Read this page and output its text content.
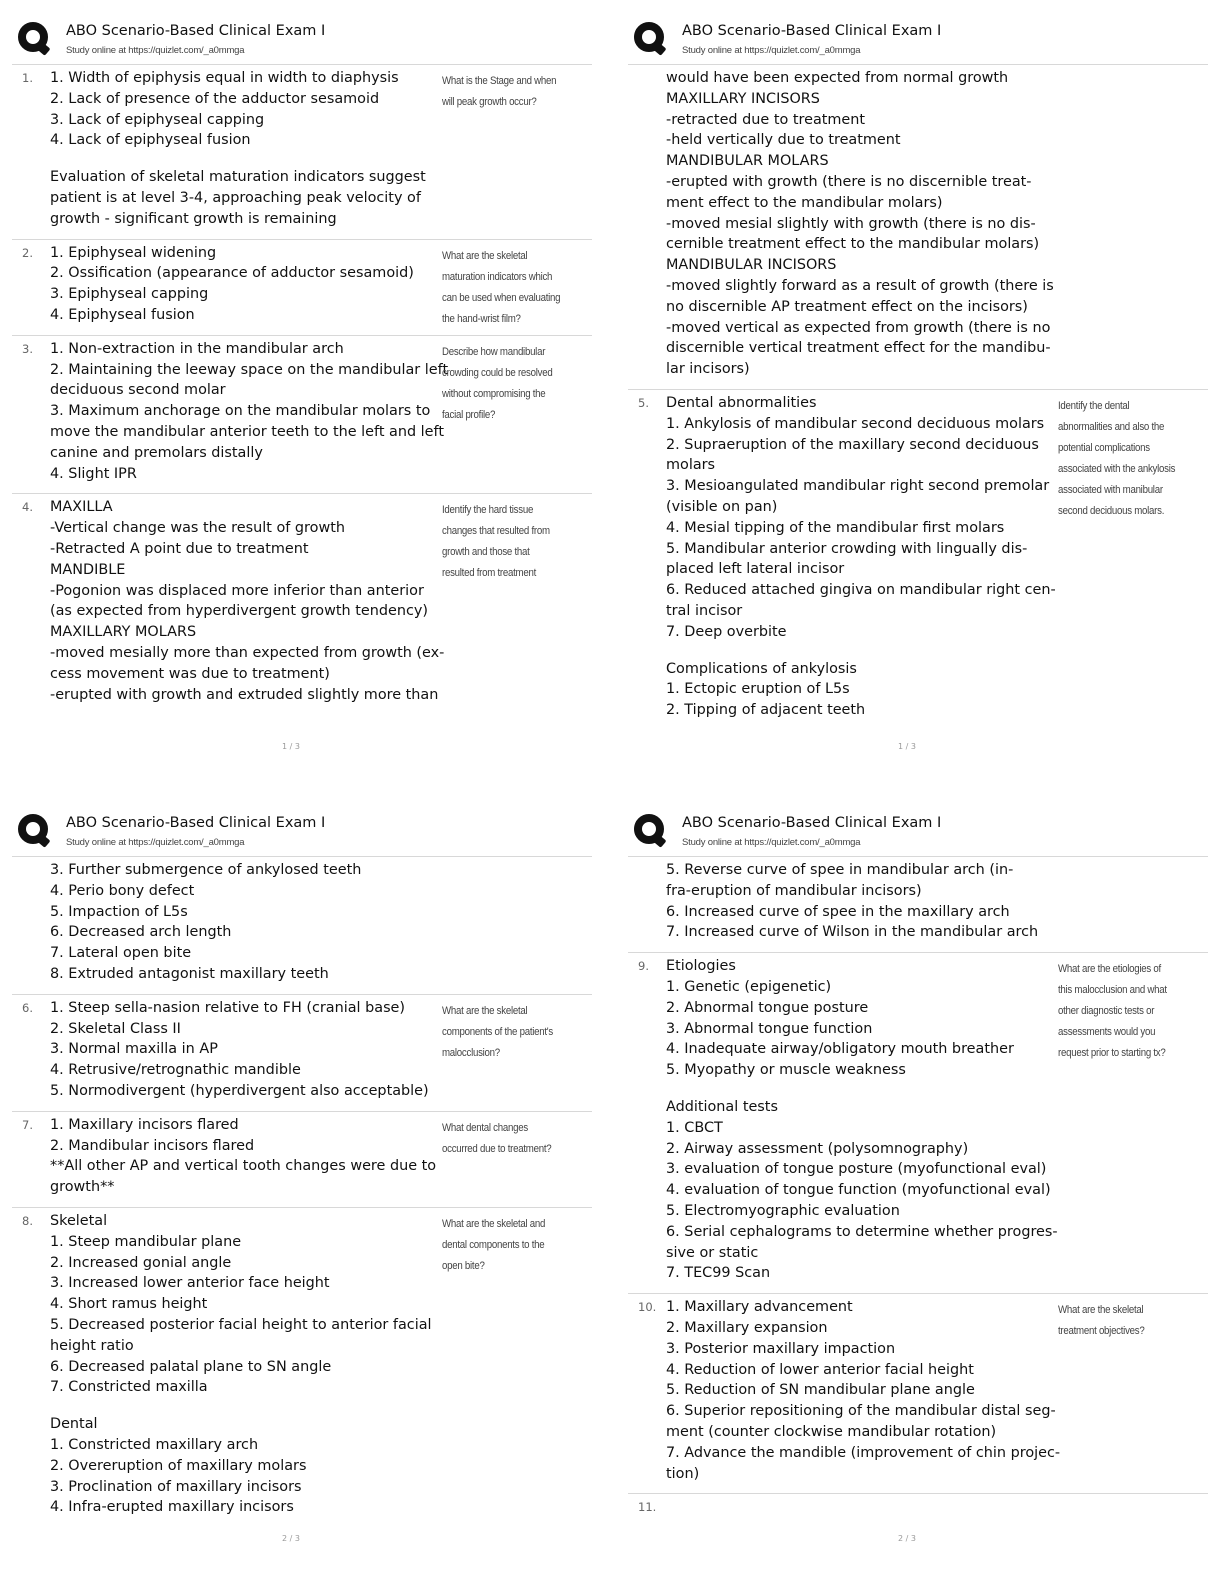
ABO Scenario-Based Clinical Exam I
Study online at https://quizlet.com/_a0mmga
1. 1. Width of epiphysis equal in width to diaphysis
2. Lack of presence of the adductor sesamoid
3. Lack of epiphyseal capping
4. Lack of epiphyseal fusion
Evaluation of skeletal maturation indicators suggest
patient is at level 3-4, approaching peak velocity of
growth - significant growth is remaining
What is the Stage and when will peak growth occur?
2. 1. Epiphyseal widening
2. Ossification (appearance of adductor sesamoid)
3. Epiphyseal capping
4. Epiphyseal fusion
What are the skeletal maturation indicators which can be used when evaluating the hand-wrist film?
3. 1. Non-extraction in the mandibular arch
2. Maintaining the leeway space on the mandibular left
deciduous second molar
3. Maximum anchorage on the mandibular molars to
move the mandibular anterior teeth to the left and left
canine and premolars distally
4. Slight IPR
Describe how mandibular crowding could be resolved without compromising the facial profile?
4. MAXILLA
-Vertical change was the result of growth
-Retracted A point due to treatment
MANDIBLE
-Pogonion was displaced more inferior than anterior
(as expected from hyperdivergent growth tendency)
MAXILLARY MOLARS
-moved mesially more than expected from growth (ex-
cess movement was due to treatment)
-erupted with growth and extruded slightly more than
Identify the hard tissue changes that resulted from growth and those that resulted from treatment
1 / 3
ABO Scenario-Based Clinical Exam I
Study online at https://quizlet.com/_a0mmga
would have been expected from normal growth
MAXILLARY INCISORS
-retracted due to treatment
-held vertically due to treatment
MANDIBULAR MOLARS
-erupted with growth (there is no discernible treat-
ment effect to the mandibular molars)
-moved mesial slightly with growth (there is no dis-
cernible treatment effect to the mandibular molars)
MANDIBULAR INCISORS
-moved slightly forward as a result of growth (there is
no discernible AP treatment effect on the incisors)
-moved vertical as expected from growth (there is no
discernible vertical treatment effect for the mandibu-
lar incisors)
5. Dental abnormalities
1. Ankylosis of mandibular second deciduous molars
2. Supraeruption of the maxillary second deciduous
molars
3. Mesioangulated mandibular right second premolar
(visible on pan)
4. Mesial tipping of the mandibular first molars
5. Mandibular anterior crowding with lingually dis-
placed left lateral incisor
6. Reduced attached gingiva on mandibular right cen-
tral incisor
7. Deep overbite
Complications of ankylosis
1. Ectopic eruption of L5s
2. Tipping of adjacent teeth
Identify the dental abnormalities and also the potential complications associated with the ankylosis associated with manibular second deciduous molars.
1 / 3
ABO Scenario-Based Clinical Exam I
Study online at https://quizlet.com/_a0mmga
3. Further submergence of ankylosed teeth
4. Perio bony defect
5. Impaction of L5s
6. Decreased arch length
7. Lateral open bite
8. Extruded antagonist maxillary teeth
6. 1. Steep sella-nasion relative to FH (cranial base)
2. Skeletal Class II
3. Normal maxilla in AP
4. Retrusive/retrognathic mandible
5. Normodivergent (hyperdivergent also acceptable)
What are the skeletal components of the patient's malocclusion?
7. 1. Maxillary incisors flared
2. Mandibular incisors flared
**All other AP and vertical tooth changes were due to
growth**
What dental changes occurred due to treatment?
8. Skeletal
1. Steep mandibular plane
2. Increased gonial angle
3. Increased lower anterior face height
4. Short ramus height
5. Decreased posterior facial height to anterior facial
height ratio
6. Decreased palatal plane to SN angle
7. Constricted maxilla
Dental
1. Constricted maxillary arch
2. Overeruption of maxillary molars
3. Proclination of maxillary incisors
4. Infra-erupted maxillary incisors
What are the skeletal and dental components to the open bite?
2 / 3
ABO Scenario-Based Clinical Exam I
Study online at https://quizlet.com/_a0mmga
5. Reverse curve of spee in mandibular arch (in-
fra-eruption of mandibular incisors)
6. Increased curve of spee in the maxillary arch
7. Increased curve of Wilson in the mandibular arch
9. Etiologies
1. Genetic (epigenetic)
2. Abnormal tongue posture
3. Abnormal tongue function
4. Inadequate airway/obligatory mouth breather
5. Myopathy or muscle weakness
Additional tests
1. CBCT
2. Airway assessment (polysomnography)
3. evaluation of tongue posture (myofunctional eval)
4. evaluation of tongue function (myofunctional eval)
5. Electromyographic evaluation
6. Serial cephalograms to determine whether progres-
sive or static
7. TEC99 Scan
What are the etiologies of this malocclusion and what other diagnostic tests or assessments would you request prior to starting tx?
10. 1. Maxillary advancement
2. Maxillary expansion
3. Posterior maxillary impaction
4. Reduction of lower anterior facial height
5. Reduction of SN mandibular plane angle
6. Superior repositioning of the mandibular distal seg-
ment (counter clockwise mandibular rotation)
7. Advance the mandible (improvement of chin projec-
tion)
What are the skeletal treatment objectives?
11.
2 / 3
